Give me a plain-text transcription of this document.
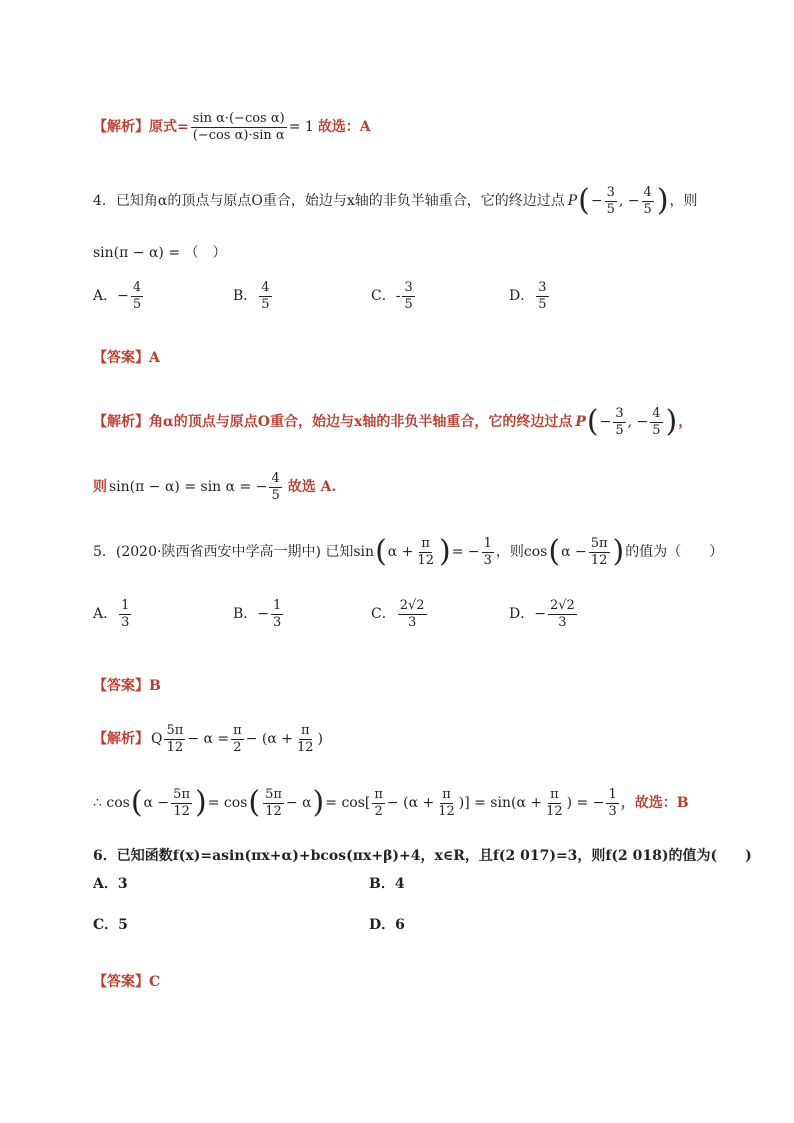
【解析】 原式= $\frac{\text{sin α·(−cos α)}}{\text{(−cos α)·sin α}} = 1$ 故选：A
4．已知角α的顶点与原点O重合，始边与x轴的非负半轴重合，它的终边过点 P ( − $\frac{3}{5}$ , − $\frac{4}{5}$ ) ，则
sin(π − α) = （　）
A． − $\frac{4}{5}$	B． $\frac{4}{5}$	C． - $\frac{3}{5}$	D． $\frac{3}{5}$
【答案】 A
【解析】 角α的顶点与原点O重合，始边与x轴的非负半轴重合，它的终边过点 P ( − $\frac{3}{5}$ , − $\frac{4}{5}$ ) ，
则 sin(π − α) = sin α = − $\frac{4}{5}$ 故选 A.
5．(2020·陕西省西安中学高一期中) 已知 sin ( $\alpha + \frac{\pi}{12}$ ) = − $\frac{1}{3}$ ，则cos ( $\alpha - \frac{5\pi}{12}$ ) 的值为（　　）
A． $\frac{1}{3}$	B． − $\frac{1}{3}$	C． $\frac{2√2}{3}$	D． − $\frac{2√2}{3}$
【答案】 B
【解析】 Q $\frac{5\pi}{12} - \alpha = \frac{\pi}{2} - (\alpha + \frac{\pi}{12}$ )
∴ cos ( $\alpha - \frac{5\pi}{12}$ ) = cos ( $\frac{5\pi}{12} - \alpha$ ) = $\cos[ \frac{\pi}{2} - (\alpha + \frac{\pi}{12}$ )] = $\sin(\alpha + \frac{\pi}{12}$ ) = − $\frac{1}{3}$ ，故选：B
6．已知函数f(x)=asin(πx+α)+bcos(πx+β)+4，x∈R，且f(2 017)=3，则f(2 018)的值为(　　)
A．3	B．4
C．5	D．6
【答案】 C
